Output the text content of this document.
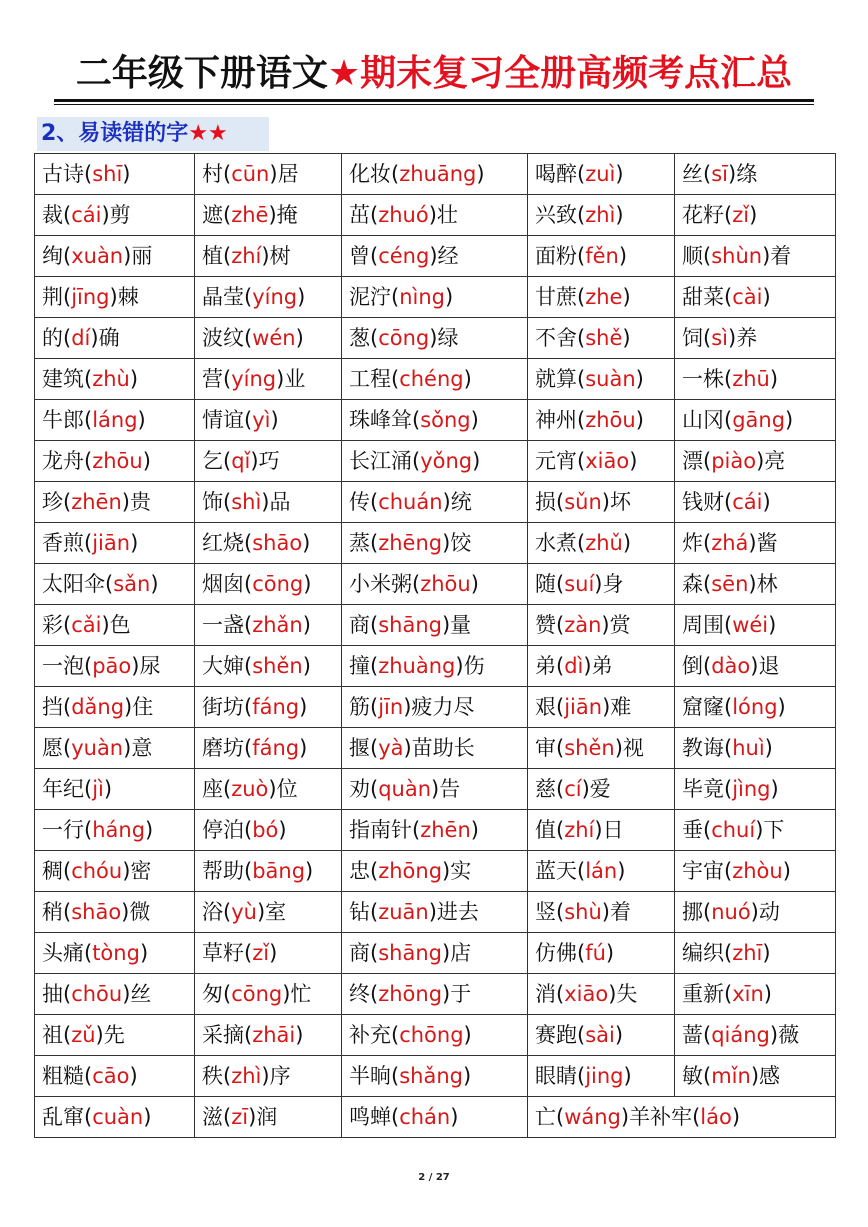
二年级下册语文★期末复习全册高频考点汇总
2、易读错的字★★
古诗(shī)	村(cūn)居	化妆(zhuāng)	喝醉(zuì)	丝(sī)绦
裁(cái)剪	遮(zhē)掩	茁(zhuó)壮	兴致(zhì)	花籽(zǐ)
绚(xuàn)丽	植(zhí)树	曾(céng)经	面粉(fěn)	顺(shùn)着
荆(jīng)棘	晶莹(yíng)	泥泞(nìng)	甘蔗(zhe)	甜菜(cài)
的(dí)确	波纹(wén)	葱(cōng)绿	不舍(shě)	饲(sì)养
建筑(zhù)	营(yíng)业	工程(chéng)	就算(suàn)	一株(zhū)
牛郎(láng)	情谊(yì)	珠峰耸(sǒng)	神州(zhōu)	山冈(gāng)
龙舟(zhōu)	乞(qǐ)巧	长江涌(yǒng)	元宵(xiāo)	漂(piào)亮
珍(zhēn)贵	饰(shì)品	传(chuán)统	损(sǔn)坏	钱财(cái)
香煎(jiān)	红烧(shāo)	蒸(zhēng)饺	水煮(zhǔ)	炸(zhá)酱
太阳伞(sǎn)	烟囱(cōng)	小米粥(zhōu)	随(suí)身	森(sēn)林
彩(cǎi)色	一盏(zhǎn)	商(shāng)量	赞(zàn)赏	周围(wéi)
一泡(pāo)尿	大婶(shěn)	撞(zhuàng)伤	弟(dì)弟	倒(dào)退
挡(dǎng)住	街坊(fáng)	筋(jīn)疲力尽	艰(jiān)难	窟窿(lóng)
愿(yuàn)意	磨坊(fáng)	揠(yà)苗助长	审(shěn)视	教诲(huì)
年纪(jì)	座(zuò)位	劝(quàn)告	慈(cí)爱	毕竟(jìng)
一行(háng)	停泊(bó)	指南针(zhēn)	值(zhí)日	垂(chuí)下
稠(chóu)密	帮助(bāng)	忠(zhōng)实	蓝天(lán)	宇宙(zhòu)
稍(shāo)微	浴(yù)室	钻(zuān)进去	竖(shù)着	挪(nuó)动
头痛(tòng)	草籽(zǐ)	商(shāng)店	仿佛(fú)	编织(zhī)
抽(chōu)丝	匆(cōng)忙	终(zhōng)于	消(xiāo)失	重新(xīn)
祖(zǔ)先	采摘(zhāi)	补充(chōng)	赛跑(sài)	蔷(qiáng)薇
粗糙(cāo)	秩(zhì)序	半晌(shǎng)	眼睛(jing)	敏(mǐn)感
乱窜(cuàn)	滋(zī)润	鸣蝉(chán)	亡(wáng)羊补牢(láo)	
2 / 27
